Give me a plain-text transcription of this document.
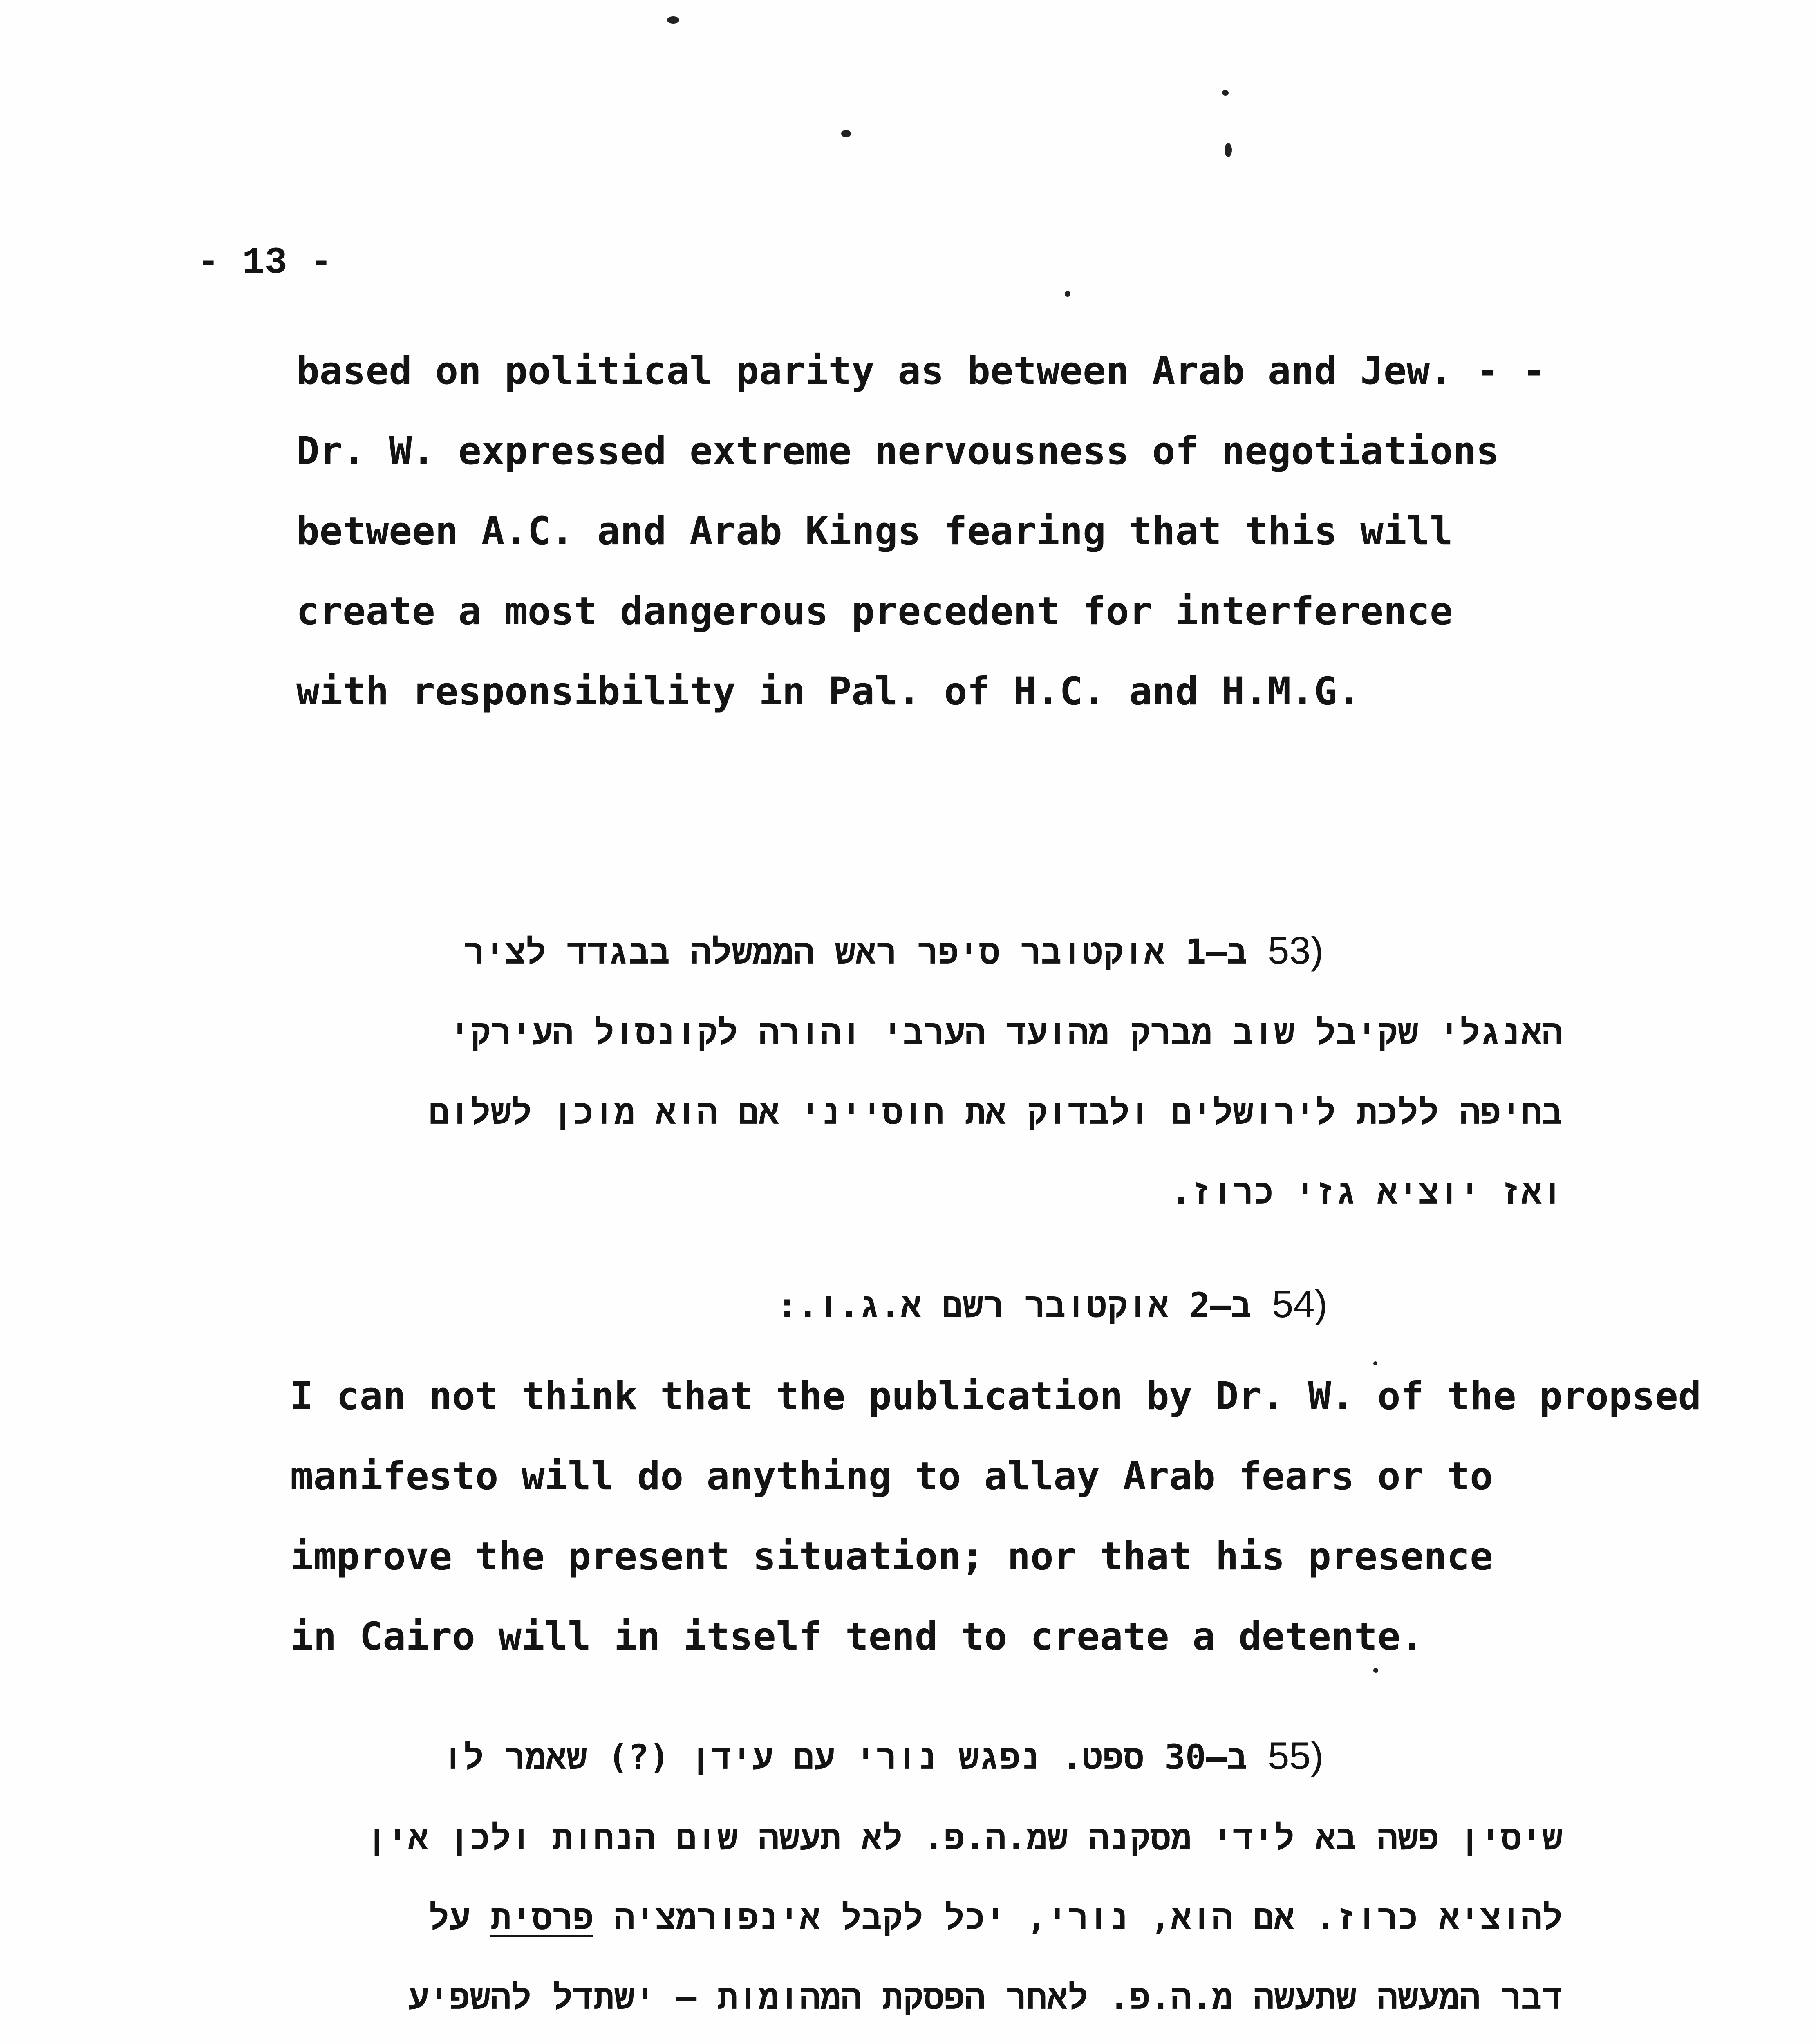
- 13 -
based on political parity as between Arab and Jew. - -
Dr. W. expressed extreme nervousness of negotiations
between A.C. and Arab Kings fearing that this will
create a most dangerous precedent for interference
with responsibility in Pal. of H.C. and H.M.G.
(53 ב–1 אוקטובר סיפר ראש הממשלה בבגדד לציר
האנגלי שקיבל שוב מברק מהועד הערבי והורה לקונסול העירקי
בחיפה ללכת לירושלים ולבדוק את חוסייני אם הוא מוכן לשלום
ואז יוציא גזי כרוז.
(54 ב–2 אוקטובר רשם א.ג.ו.:
I can not think that the publication by Dr. W. of the propsed
manifesto will do anything to allay Arab fears or to
improve the present situation; nor that his presence
in Cairo will in itself tend to create a detente.
(55 ב–30 ספט. נפגש נורי עם עידן (?) שאמר לו
שיסין פשה בא לידי מסקנה שמ.ה.פ. לא תעשה שום הנחות ולכן אין
להוציא כרוז. אם הוא, נורי, יכל לקבל אינפורמציה פרסית על
דבר המעשה שתעשה מ.ה.פ. לאחר הפסקת המהומות – ישתדל להשפיע
